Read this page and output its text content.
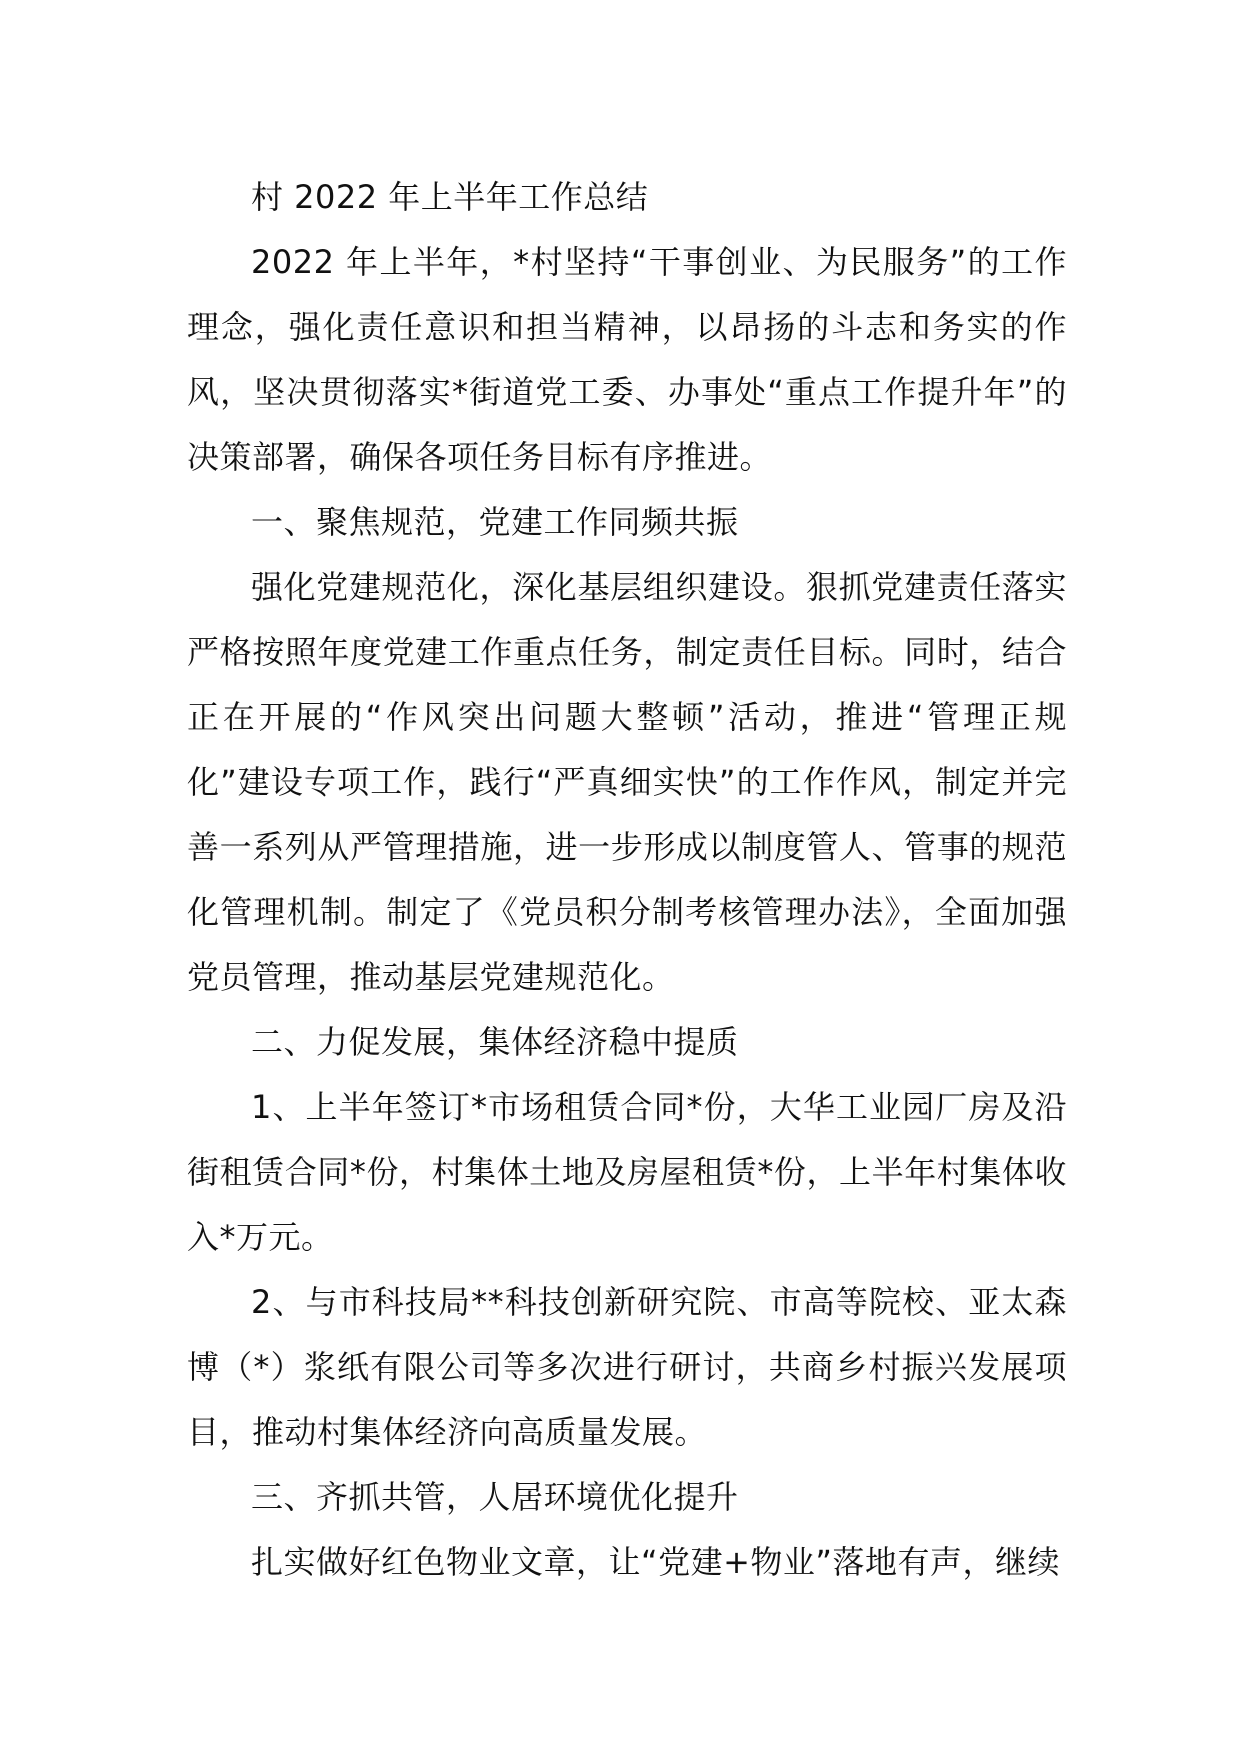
村 2022 年上半年工作总结

2022 年上半年，*村坚持“干事创业、为民服务”的工作理念，强化责任意识和担当精神，以昂扬的斗志和务实的作风，坚决贯彻落实*街道党工委、办事处“重点工作提升年”的决策部署，确保各项任务目标有序推进。

一、聚焦规范，党建工作同频共振

强化党建规范化，深化基层组织建设。狠抓党建责任落实严格按照年度党建工作重点任务，制定责任目标。同时，结合正在开展的“作风突出问题大整顿”活动，推进“管理正规化”建设专项工作，践行“严真细实快”的工作作风，制定并完善一系列从严管理措施，进一步形成以制度管人、管事的规范化管理机制。制定了《党员积分制考核管理办法》，全面加强党员管理，推动基层党建规范化。

二、力促发展，集体经济稳中提质

1、上半年签订*市场租赁合同*份，大华工业园厂房及沿街租赁合同*份，村集体土地及房屋租赁*份，上半年村集体收入*万元。

2、与市科技局**科技创新研究院、市高等院校、亚太森博（*）浆纸有限公司等多次进行研讨，共商乡村振兴发展项目，推动村集体经济向高质量发展。

三、齐抓共管，人居环境优化提升

扎实做好红色物业文章，让“党建+物业”落地有声，继续
